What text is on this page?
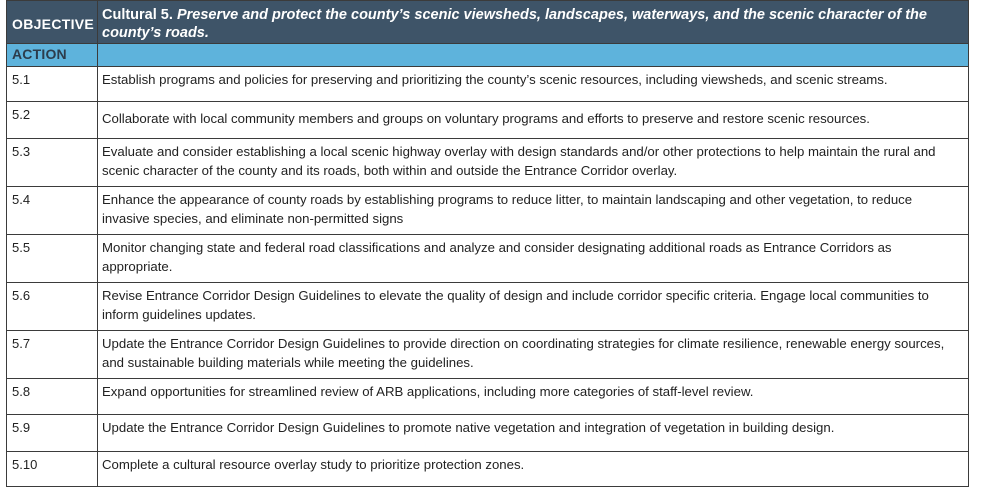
OBJECTIVE	Cultural 5. Preserve and protect the county’s scenic viewsheds, landscapes, waterways, and the scenic character of the county’s roads.

ACTION	

5.1	Establish programs and policies for preserving and prioritizing the county’s scenic resources, including viewsheds, and scenic streams.

5.2	Collaborate with local community members and groups on voluntary programs and efforts to preserve and restore scenic resources.

5.3	Evaluate and consider establishing a local scenic highway overlay with design standards and/or other protections to help maintain the rural and scenic character of the county and its roads, both within and outside the Entrance Corridor overlay.

5.4	Enhance the appearance of county roads by establishing programs to reduce litter, to maintain landscaping and other vegetation, to reduce invasive species, and eliminate non-permitted signs

5.5	Monitor changing state and federal road classifications and analyze and consider designating additional roads as Entrance Corridors as appropriate.

5.6	Revise Entrance Corridor Design Guidelines to elevate the quality of design and include corridor specific criteria. Engage local communities to inform guidelines updates.

5.7	Update the Entrance Corridor Design Guidelines to provide direction on coordinating strategies for climate resilience, renewable energy sources, and sustainable building materials while meeting the guidelines.

5.8	Expand opportunities for streamlined review of ARB applications, including more categories of staff-level review.

5.9	Update the Entrance Corridor Design Guidelines to promote native vegetation and integration of vegetation in building design.

5.10	Complete a cultural resource overlay study to prioritize protection zones.
